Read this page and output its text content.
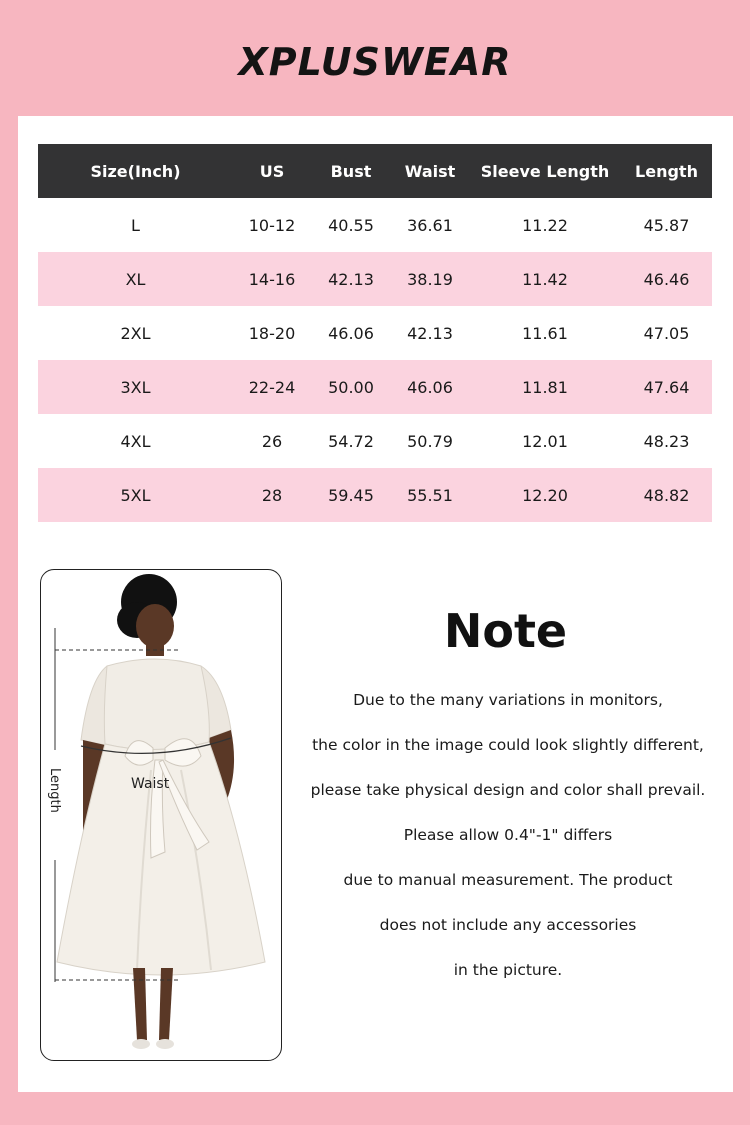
XPLUSWEAR
Size(Inch)	US	Bust	Waist	Sleeve Length	Length
L	10-12	40.55	36.61	11.22	45.87
XL	14-16	42.13	38.19	11.42	46.46
2XL	18-20	46.06	42.13	11.61	47.05
3XL	22-24	50.00	46.06	11.81	47.64
4XL	26	54.72	50.79	12.01	48.23
5XL	28	59.45	55.51	12.20	48.82
Waist
Length
Note
Due to the many variations in monitors,
the color in the image could look slightly different,
please take physical design and color shall prevail.
Please allow 0.4"-1" differs
due to manual measurement. The product
does not include any accessories
in the picture.
